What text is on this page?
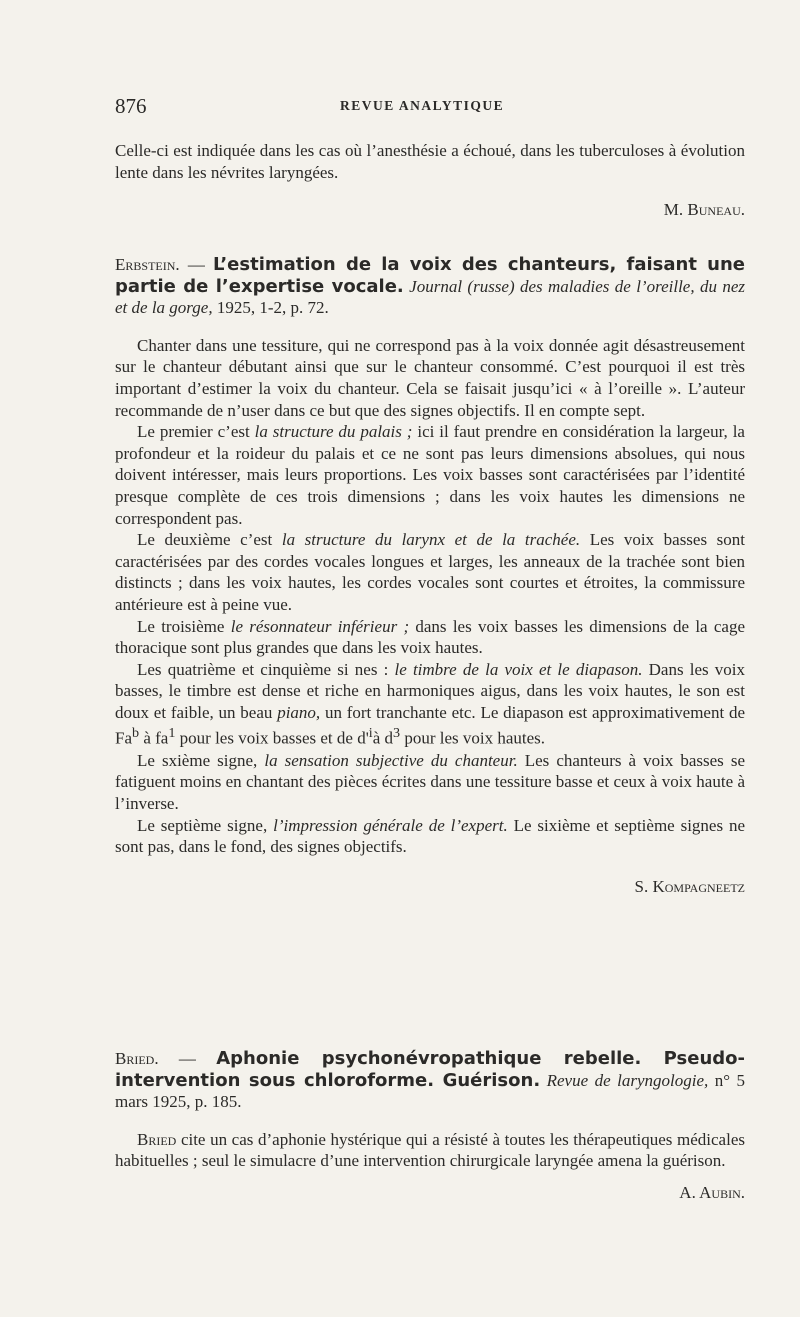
876	REVUE ANALYTIQUE

Celle-ci est indiquée dans les cas où l’anesthésie a échoué, dans les tuberculoses à évolution lente dans les névrites laryngées.

M. Buneau.

Erbstein. — L’estimation de la voix des chanteurs, faisant une partie de l’expertise vocale. Journal (russe) des maladies de l’oreille, du nez et de la gorge, 1925, 1-2, p. 72.

Chanter dans une tessiture, qui ne correspond pas à la voix donnée agit désastreusement sur le chanteur débutant ainsi que sur le chanteur consommé. C’est pourquoi il est très important d’estimer la voix du chanteur. Cela se faisait jusqu’ici « à l’oreille ». L’auteur recommande de n’user dans ce but que des signes objectifs. Il en compte sept.

Le premier c’est la structure du palais ; ici il faut prendre en considération la largeur, la profondeur et la roideur du palais et ce ne sont pas leurs dimensions absolues, qui nous doivent intéresser, mais leurs proportions. Les voix basses sont caractérisées par l’identité presque complète de ces trois dimensions ; dans les voix hautes les dimensions ne correspondent pas.

Le deuxième c’est la structure du larynx et de la trachée. Les voix basses sont caractérisées par des cordes vocales longues et larges, les anneaux de la trachée sont bien distincts ; dans les voix hautes, les cordes vocales sont courtes et étroites, la commissure antérieure est à peine vue.

Le troisième le résonnateur inférieur ; dans les voix basses les dimensions de la cage thoracique sont plus grandes que dans les voix hautes.

Les quatrième et cinquième si nes : le timbre de la voix et le diapason. Dans les voix basses, le timbre est dense et riche en harmoniques aigus, dans les voix hautes, le son est doux et faible, un beau piano, un fort tranchante etc. Le diapason est approximativement de Fa$^b$ à $fa^1$ pour les voix basses et de $d'^ià$ $d^3$ pour les voix hautes.

Le sxième signe, la sensation subjective du chanteur. Les chanteurs à voix basses se fatiguent moins en chantant des pièces écrites dans une tessiture basse et ceux à voix haute à l’inverse.

Le septième signe, l’impression générale de l’expert. Le sixième et septième signes ne sont pas, dans le fond, des signes objectifs.

S. Kompagneetz

Bried. — Aphonie psychonévropathique rebelle. Pseudo-intervention sous chloroforme. Guérison. Revue de laryngologie, n° 5 mars 1925, p. 185.

Bried cite un cas d’aphonie hystérique qui a résisté à toutes les thérapeutiques médicales habituelles ; seul le simulacre d’une intervention chirurgicale laryngée amena la guérison.

A. Aubin.
